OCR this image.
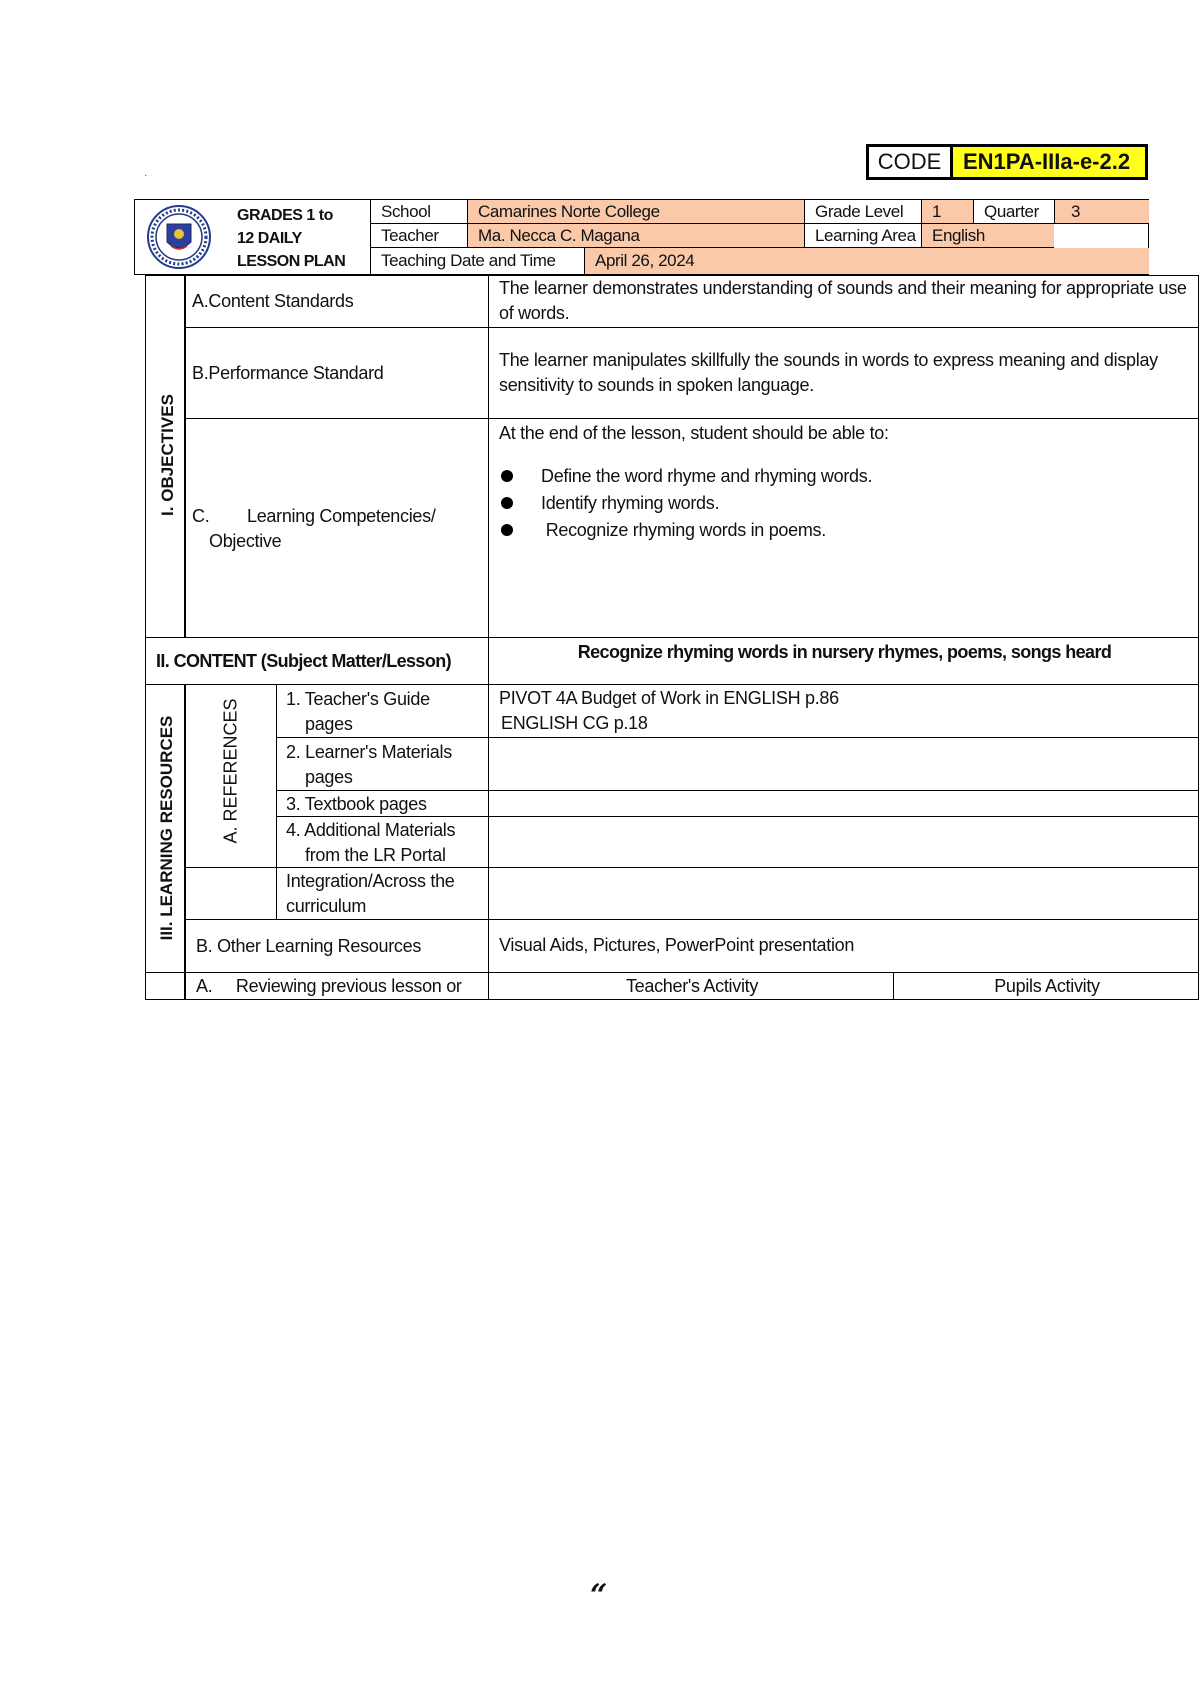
CODE EN1PA-IIIa-e-2.2
·
GRADES 1 to
12 DAILY
LESSON PLAN
School	Camarines Norte College	Grade Level	1	Quarter	3
Teacher	Ma. Necca C. Magana	Learning Area English
Teaching Date and Time	April 26, 2024
I. OBJECTIVES
A.Content Standards
The learner demonstrates understanding of sounds and their meaning for appropriate use of words.
B.Performance Standard
The learner manipulates skillfully the sounds in words to express meaning and display sensitivity to sounds in spoken language.
C.        Learning Competencies/
Objective
At the end of the lesson, student should be able to:
Define the word rhyme and rhyming words.
Identify rhyming words.
Recognize rhyming words in poems.
II. CONTENT (Subject Matter/Lesson)	Recognize rhyming words in nursery rhymes, poems, songs heard
III. LEARNING RESOURCES A. REFERENCES	1. Teacher's Guide
pages
PIVOT 4A Budget of Work in ENGLISH p.86
ENGLISH CG p.18
2. Learner's Materials
pages
3. Textbook pages
4. Additional Materials
from the LR Portal
Integration/Across the
curriculum
B. Other Learning Resources	Visual Aids, Pictures, PowerPoint presentation
A.     Reviewing previous lesson or	Teacher's Activity	Pupils Activity
“
